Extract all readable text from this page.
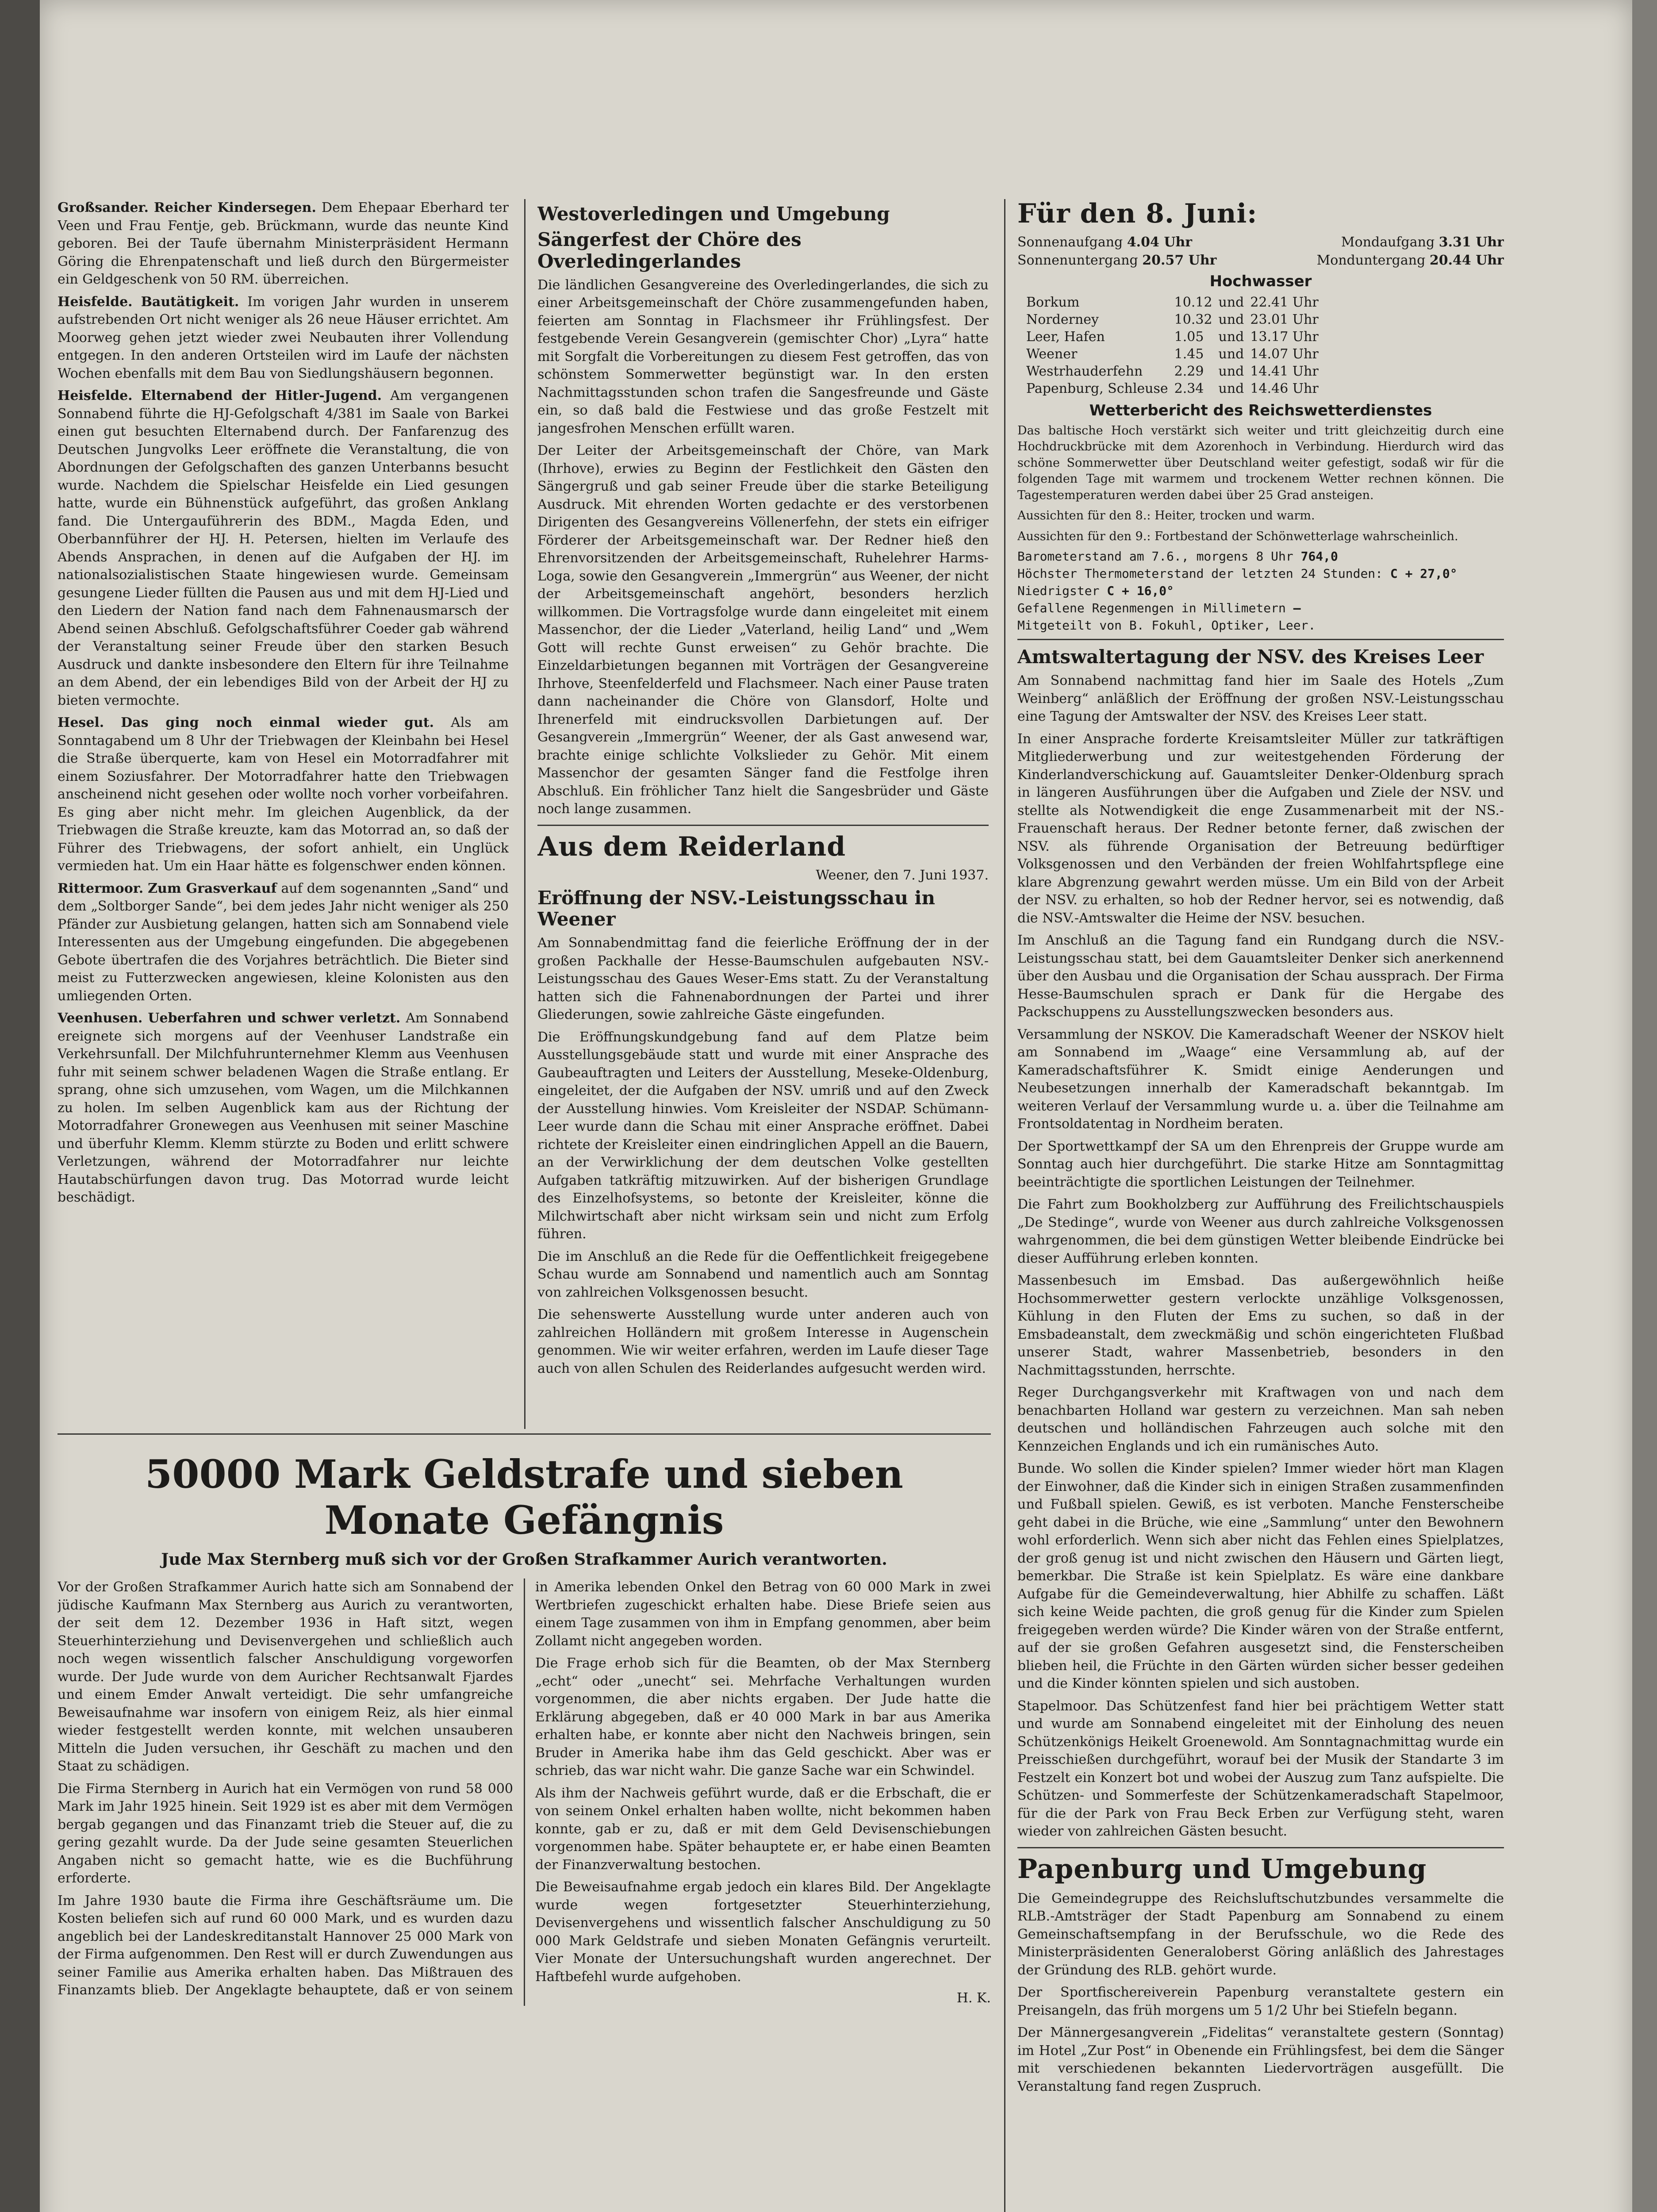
Großsander. Reicher Kindersegen. Dem Ehepaar Eberhard ter Veen und Frau Fentje, geb. Brückmann, wurde das neunte Kind geboren. Bei der Taufe übernahm Ministerpräsident Hermann Göring die Ehrenpatenschaft und ließ durch den Bürgermeister ein Geldgeschenk von 50 RM. überreichen.

Heisfelde. Bautätigkeit. Im vorigen Jahr wurden in unserem aufstrebenden Ort nicht weniger als 26 neue Häuser errichtet. Am Moorweg gehen jetzt wieder zwei Neubauten ihrer Vollendung entgegen. In den anderen Ortsteilen wird im Laufe der nächsten Wochen ebenfalls mit dem Bau von Siedlungshäusern begonnen.

Heisfelde. Elternabend der Hitler-Jugend. Am vergangenen Sonnabend führte die HJ-Gefolgschaft 4/381 im Saale von Barkei einen gut besuchten Elternabend durch. Der Fanfarenzug des Deutschen Jungvolks Leer eröffnete die Veranstaltung, die von Abordnungen der Gefolgschaften des ganzen Unterbanns besucht wurde. Nachdem die Spielschar Heisfelde ein Lied gesungen hatte, wurde ein Bühnenstück aufgeführt, das großen Anklang fand. Die Untergauführerin des BDM., Magda Eden, und Oberbannführer der HJ. H. Petersen, hielten im Verlaufe des Abends Ansprachen, in denen auf die Aufgaben der HJ. im nationalsozialistischen Staate hingewiesen wurde. Gemeinsam gesungene Lieder füllten die Pausen aus und mit dem HJ-Lied und den Liedern der Nation fand nach dem Fahnenausmarsch der Abend seinen Abschluß. Gefolgschaftsführer Coeder gab während der Veranstaltung seiner Freude über den starken Besuch Ausdruck und dankte insbesondere den Eltern für ihre Teilnahme an dem Abend, der ein lebendiges Bild von der Arbeit der HJ zu bieten vermochte.

Hesel. Das ging noch einmal wieder gut. Als am Sonntagabend um 8 Uhr der Triebwagen der Kleinbahn bei Hesel die Straße überquerte, kam von Hesel ein Motorradfahrer mit einem Soziusfahrer. Der Motorradfahrer hatte den Triebwagen anscheinend nicht gesehen oder wollte noch vorher vorbeifahren. Es ging aber nicht mehr. Im gleichen Augenblick, da der Triebwagen die Straße kreuzte, kam das Motorrad an, so daß der Führer des Triebwagens, der sofort anhielt, ein Unglück vermieden hat. Um ein Haar hätte es folgenschwer enden können.

Rittermoor. Zum Grasverkauf auf dem sogenannten „Sand“ und dem „Soltborger Sande“, bei dem jedes Jahr nicht weniger als 250 Pfänder zur Ausbietung gelangen, hatten sich am Sonnabend viele Interessenten aus der Umgebung eingefunden. Die abgegebenen Gebote übertrafen die des Vorjahres beträchtlich. Die Bieter sind meist zu Futterzwecken angewiesen, kleine Kolonisten aus den umliegenden Orten.

Veenhusen. Ueberfahren und schwer verletzt. Am Sonnabend ereignete sich morgens auf der Veenhuser Landstraße ein Verkehrsunfall. Der Milchfuhrunternehmer Klemm aus Veenhusen fuhr mit seinem schwer beladenen Wagen die Straße entlang. Er sprang, ohne sich umzusehen, vom Wagen, um die Milchkannen zu holen. Im selben Augenblick kam aus der Richtung der Motorradfahrer Gronewegen aus Veenhusen mit seiner Maschine und überfuhr Klemm. Klemm stürzte zu Boden und erlitt schwere Verletzungen, während der Motorradfahrer nur leichte Hautabschürfungen davon trug. Das Motorrad wurde leicht beschädigt.

Westoverledingen und Umgebung
Sängerfest der Chöre des Overledingerlandes

Die ländlichen Gesangvereine des Overledingerlandes, die sich zu einer Arbeitsgemeinschaft der Chöre zusammengefunden haben, feierten am Sonntag in Flachsmeer ihr Frühlingsfest. Der festgebende Verein Gesangverein (gemischter Chor) „Lyra“ hatte mit Sorgfalt die Vorbereitungen zu diesem Fest getroffen, das von schönstem Sommerwetter begünstigt war. In den ersten Nachmittagsstunden schon trafen die Sangesfreunde und Gäste ein, so daß bald die Festwiese und das große Festzelt mit jangesfrohen Menschen erfüllt waren.

Der Leiter der Arbeitsgemeinschaft der Chöre, van Mark (Ihrhove), erwies zu Beginn der Festlichkeit den Gästen den Sängergruß und gab seiner Freude über die starke Beteiligung Ausdruck. Mit ehrenden Worten gedachte er des verstorbenen Dirigenten des Gesangvereins Völlenerfehn, der stets ein eifriger Förderer der Arbeitsgemeinschaft war. Der Redner hieß den Ehrenvorsitzenden der Arbeitsgemeinschaft, Ruhelehrer Harms-Loga, sowie den Gesangverein „Immergrün“ aus Weener, der nicht der Arbeitsgemeinschaft angehört, besonders herzlich willkommen. Die Vortragsfolge wurde dann eingeleitet mit einem Massenchor, der die Lieder „Vaterland, heilig Land“ und „Wem Gott will rechte Gunst erweisen“ zu Gehör brachte. Die Einzeldarbietungen begannen mit Vorträgen der Gesangvereine Ihrhove, Steenfelderfeld und Flachsmeer. Nach einer Pause traten dann nacheinander die Chöre von Glansdorf, Holte und Ihrenerfeld mit eindrucksvollen Darbietungen auf. Der Gesangverein „Immergrün“ Weener, der als Gast anwesend war, brachte einige schlichte Volkslieder zu Gehör. Mit einem Massenchor der gesamten Sänger fand die Festfolge ihren Abschluß. Ein fröhlicher Tanz hielt die Sangesbrüder und Gäste noch lange zusammen.

Aus dem Reiderland
Weener, den 7. Juni 1937.
Eröffnung der NSV.-Leistungsschau in Weener

Am Sonnabendmittag fand die feierliche Eröffnung der in der großen Packhalle der Hesse-Baumschulen aufgebauten NSV.-Leistungsschau des Gaues Weser-Ems statt. Zu der Veranstaltung hatten sich die Fahnenabordnungen der Partei und ihrer Gliederungen, sowie zahlreiche Gäste eingefunden.

Die Eröffnungskundgebung fand auf dem Platze beim Ausstellungsgebäude statt und wurde mit einer Ansprache des Gaubeauftragten und Leiters der Ausstellung, Meseke-Oldenburg, eingeleitet, der die Aufgaben der NSV. umriß und auf den Zweck der Ausstellung hinwies. Vom Kreisleiter der NSDAP. Schümann-Leer wurde dann die Schau mit einer Ansprache eröffnet. Dabei richtete der Kreisleiter einen eindringlichen Appell an die Bauern, an der Verwirklichung der dem deutschen Volke gestellten Aufgaben tatkräftig mitzuwirken. Auf der bisherigen Grundlage des Einzelhofsystems, so betonte der Kreisleiter, könne die Milchwirtschaft aber nicht wirksam sein und nicht zum Erfolg führen.

Die im Anschluß an die Rede für die Oeffentlichkeit freigegebene Schau wurde am Sonnabend und namentlich auch am Sonntag von zahlreichen Volksgenossen besucht.

Die sehenswerte Ausstellung wurde unter anderen auch von zahlreichen Holländern mit großem Interesse in Augenschein genommen. Wie wir weiter erfahren, werden im Laufe dieser Tage auch von allen Schulen des Reiderlandes aufgesucht werden wird.

Für den 8. Juni:
Sonnenaufgang 4.04 Uhr	Mondaufgang 3.31 Uhr
Sonnenuntergang 20.57 Uhr	Monduntergang 20.44 Uhr
Hochwasser
Borkum	10.12	und	22.41 Uhr
Norderney	10.32	und	23.01 Uhr
Leer, Hafen	1.05	und	13.17 Uhr
Weener	1.45	und	14.07 Uhr
Westrhauderfehn	2.29	und	14.41 Uhr
Papenburg, Schleuse	2.34	und	14.46 Uhr
Wetterbericht des Reichswetterdienstes

Das baltische Hoch verstärkt sich weiter und tritt gleichzeitig durch eine Hochdruckbrücke mit dem Azorenhoch in Verbindung. Hierdurch wird das schöne Sommerwetter über Deutschland weiter gefestigt, sodaß wir für die folgenden Tage mit warmem und trockenem Wetter rechnen können. Die Tagestemperaturen werden dabei über 25 Grad ansteigen.

Aussichten für den 8.: Heiter, trocken und warm.

Aussichten für den 9.: Fortbestand der Schönwetterlage wahrscheinlich.

Barometerstand am 7.6., morgens 8 Uhr 764,0
Höchster Thermometerstand der letzten 24 Stunden: C + 27,0°
Niedrigster C + 16,0°
Gefallene Regenmengen in Millimetern —
Mitgeteilt von B. Fokuhl, Optiker, Leer.
Amtswaltertagung der NSV. des Kreises Leer

Am Sonnabend nachmittag fand hier im Saale des Hotels „Zum Weinberg“ anläßlich der Eröffnung der großen NSV.-Leistungsschau eine Tagung der Amtswalter der NSV. des Kreises Leer statt.

In einer Ansprache forderte Kreisamtsleiter Müller zur tatkräftigen Mitgliederwerbung und zur weitestgehenden Förderung der Kinderlandverschickung auf. Gauamtsleiter Denker-Oldenburg sprach in längeren Ausführungen über die Aufgaben und Ziele der NSV. und stellte als Notwendigkeit die enge Zusammenarbeit mit der NS.-Frauenschaft heraus. Der Redner betonte ferner, daß zwischen der NSV. als führende Organisation der Betreuung bedürftiger Volksgenossen und den Verbänden der freien Wohlfahrtspflege eine klare Abgrenzung gewahrt werden müsse. Um ein Bild von der Arbeit der NSV. zu erhalten, so hob der Redner hervor, sei es notwendig, daß die NSV.-Amtswalter die Heime der NSV. besuchen.

Im Anschluß an die Tagung fand ein Rundgang durch die NSV.-Leistungsschau statt, bei dem Gauamtsleiter Denker sich anerkennend über den Ausbau und die Organisation der Schau aussprach. Der Firma Hesse-Baumschulen sprach er Dank für die Hergabe des Packschuppens zu Ausstellungszwecken besonders aus.

Versammlung der NSKOV. Die Kameradschaft Weener der NSKOV hielt am Sonnabend im „Waage“ eine Versammlung ab, auf der Kameradschaftsführer K. Smidt einige Aenderungen und Neubesetzungen innerhalb der Kameradschaft bekanntgab. Im weiteren Verlauf der Versammlung wurde u. a. über die Teilnahme am Frontsoldatentag in Nordheim beraten.

Der Sportwettkampf der SA um den Ehrenpreis der Gruppe wurde am Sonntag auch hier durchgeführt. Die starke Hitze am Sonntagmittag beeinträchtigte die sportlichen Leistungen der Teilnehmer.

Die Fahrt zum Bookholzberg zur Aufführung des Freilichtschauspiels „De Stedinge“, wurde von Weener aus durch zahlreiche Volksgenossen wahrgenommen, die bei dem günstigen Wetter bleibende Eindrücke bei dieser Aufführung erleben konnten.

Massenbesuch im Emsbad. Das außergewöhnlich heiße Hochsommerwetter gestern verlockte unzählige Volksgenossen, Kühlung in den Fluten der Ems zu suchen, so daß in der Emsbadeanstalt, dem zweckmäßig und schön eingerichteten Flußbad unserer Stadt, wahrer Massenbetrieb, besonders in den Nachmittagsstunden, herrschte.

Reger Durchgangsverkehr mit Kraftwagen von und nach dem benachbarten Holland war gestern zu verzeichnen. Man sah neben deutschen und holländischen Fahrzeugen auch solche mit den Kennzeichen Englands und ich ein rumänisches Auto.

Bunde. Wo sollen die Kinder spielen? Immer wieder hört man Klagen der Einwohner, daß die Kinder sich in einigen Straßen zusammenfinden und Fußball spielen. Gewiß, es ist verboten. Manche Fensterscheibe geht dabei in die Brüche, wie eine „Sammlung“ unter den Bewohnern wohl erforderlich. Wenn sich aber nicht das Fehlen eines Spielplatzes, der groß genug ist und nicht zwischen den Häusern und Gärten liegt, bemerkbar. Die Straße ist kein Spielplatz. Es wäre eine dankbare Aufgabe für die Gemeindeverwaltung, hier Abhilfe zu schaffen. Läßt sich keine Weide pachten, die groß genug für die Kinder zum Spielen freigegeben werden würde? Die Kinder wären von der Straße entfernt, auf der sie großen Gefahren ausgesetzt sind, die Fensterscheiben blieben heil, die Früchte in den Gärten würden sicher besser gedeihen und die Kinder könnten spielen und sich austoben.

Stapelmoor. Das Schützenfest fand hier bei prächtigem Wetter statt und wurde am Sonnabend eingeleitet mit der Einholung des neuen Schützenkönigs Heikelt Groenewold. Am Sonntagnachmittag wurde ein Preisschießen durchgeführt, worauf bei der Musik der Standarte 3 im Festzelt ein Konzert bot und wobei der Auszug zum Tanz aufspielte. Die Schützen- und Sommerfeste der Schützenkameradschaft Stapelmoor, für die der Park von Frau Beck Erben zur Verfügung steht, waren wieder von zahlreichen Gästen besucht.

Papenburg und Umgebung

Die Gemeindegruppe des Reichsluftschutzbundes versammelte die RLB.-Amtsträger der Stadt Papenburg am Sonnabend zu einem Gemeinschaftsempfang in der Berufsschule, wo die Rede des Ministerpräsidenten Generaloberst Göring anläßlich des Jahrestages der Gründung des RLB. gehört wurde.

Der Sportfischereiverein Papenburg veranstaltete gestern ein Preisangeln, das früh morgens um 5 1/2 Uhr bei Stiefeln begann.

Der Männergesangverein „Fidelitas“ veranstaltete gestern (Sonntag) im Hotel „Zur Post“ in Obenende ein Frühlingsfest, bei dem die Sänger mit verschiedenen bekannten Liedervorträgen ausgefüllt. Die Veranstaltung fand regen Zuspruch.

50000 Mark Geldstrafe und sieben Monate Gefängnis
Jude Max Sternberg muß sich vor der Großen Strafkammer Aurich verantworten.

Vor der Großen Strafkammer Aurich hatte sich am Sonnabend der jüdische Kaufmann Max Sternberg aus Aurich zu verantworten, der seit dem 12. Dezember 1936 in Haft sitzt, wegen Steuerhinterziehung und Devisenvergehen und schließlich auch noch wegen wissentlich falscher Anschuldigung vorgeworfen wurde. Der Jude wurde von dem Auricher Rechtsanwalt Fjardes und einem Emder Anwalt verteidigt. Die sehr umfangreiche Beweisaufnahme war insofern von einigem Reiz, als hier einmal wieder festgestellt werden konnte, mit welchen unsauberen Mitteln die Juden versuchen, ihr Geschäft zu machen und den Staat zu schädigen.

Die Firma Sternberg in Aurich hat ein Vermögen von rund 58 000 Mark im Jahr 1925 hinein. Seit 1929 ist es aber mit dem Vermögen bergab gegangen und das Finanzamt trieb die Steuer auf, die zu gering gezahlt wurde. Da der Jude seine gesamten Steuerlichen Angaben nicht so gemacht hatte, wie es die Buchführung erforderte.

Im Jahre 1930 baute die Firma ihre Geschäftsräume um. Die Kosten beliefen sich auf rund 60 000 Mark, und es wurden dazu angeblich bei der Landeskreditanstalt Hannover 25 000 Mark von der Firma aufgenommen. Den Rest will er durch Zuwendungen aus seiner Familie aus Amerika erhalten haben. Das Mißtrauen des Finanzamts blieb. Der Angeklagte behauptete, daß er von seinem in Amerika lebenden Onkel den Betrag von 60 000 Mark in zwei Wertbriefen zugeschickt erhalten habe. Diese Briefe seien aus einem Tage zusammen von ihm in Empfang genommen, aber beim Zollamt nicht angegeben worden.

Die Frage erhob sich für die Beamten, ob der Max Sternberg „echt“ oder „unecht“ sei. Mehrfache Verhaltungen wurden vorgenommen, die aber nichts ergaben. Der Jude hatte die Erklärung abgegeben, daß er 40 000 Mark in bar aus Amerika erhalten habe, er konnte aber nicht den Nachweis bringen, sein Bruder in Amerika habe ihm das Geld geschickt. Aber was er schrieb, das war nicht wahr. Die ganze Sache war ein Schwindel.

Als ihm der Nachweis geführt wurde, daß er die Erbschaft, die er von seinem Onkel erhalten haben wollte, nicht bekommen haben konnte, gab er zu, daß er mit dem Geld Devisenschiebungen vorgenommen habe. Später behauptete er, er habe einen Beamten der Finanzverwaltung bestochen.

Die Beweisaufnahme ergab jedoch ein klares Bild. Der Angeklagte wurde wegen fortgesetzter Steuerhinterziehung, Devisenvergehens und wissentlich falscher Anschuldigung zu 50 000 Mark Geldstrafe und sieben Monaten Gefängnis verurteilt. Vier Monate der Untersuchungshaft wurden angerechnet. Der Haftbefehl wurde aufgehoben.

H. K.
